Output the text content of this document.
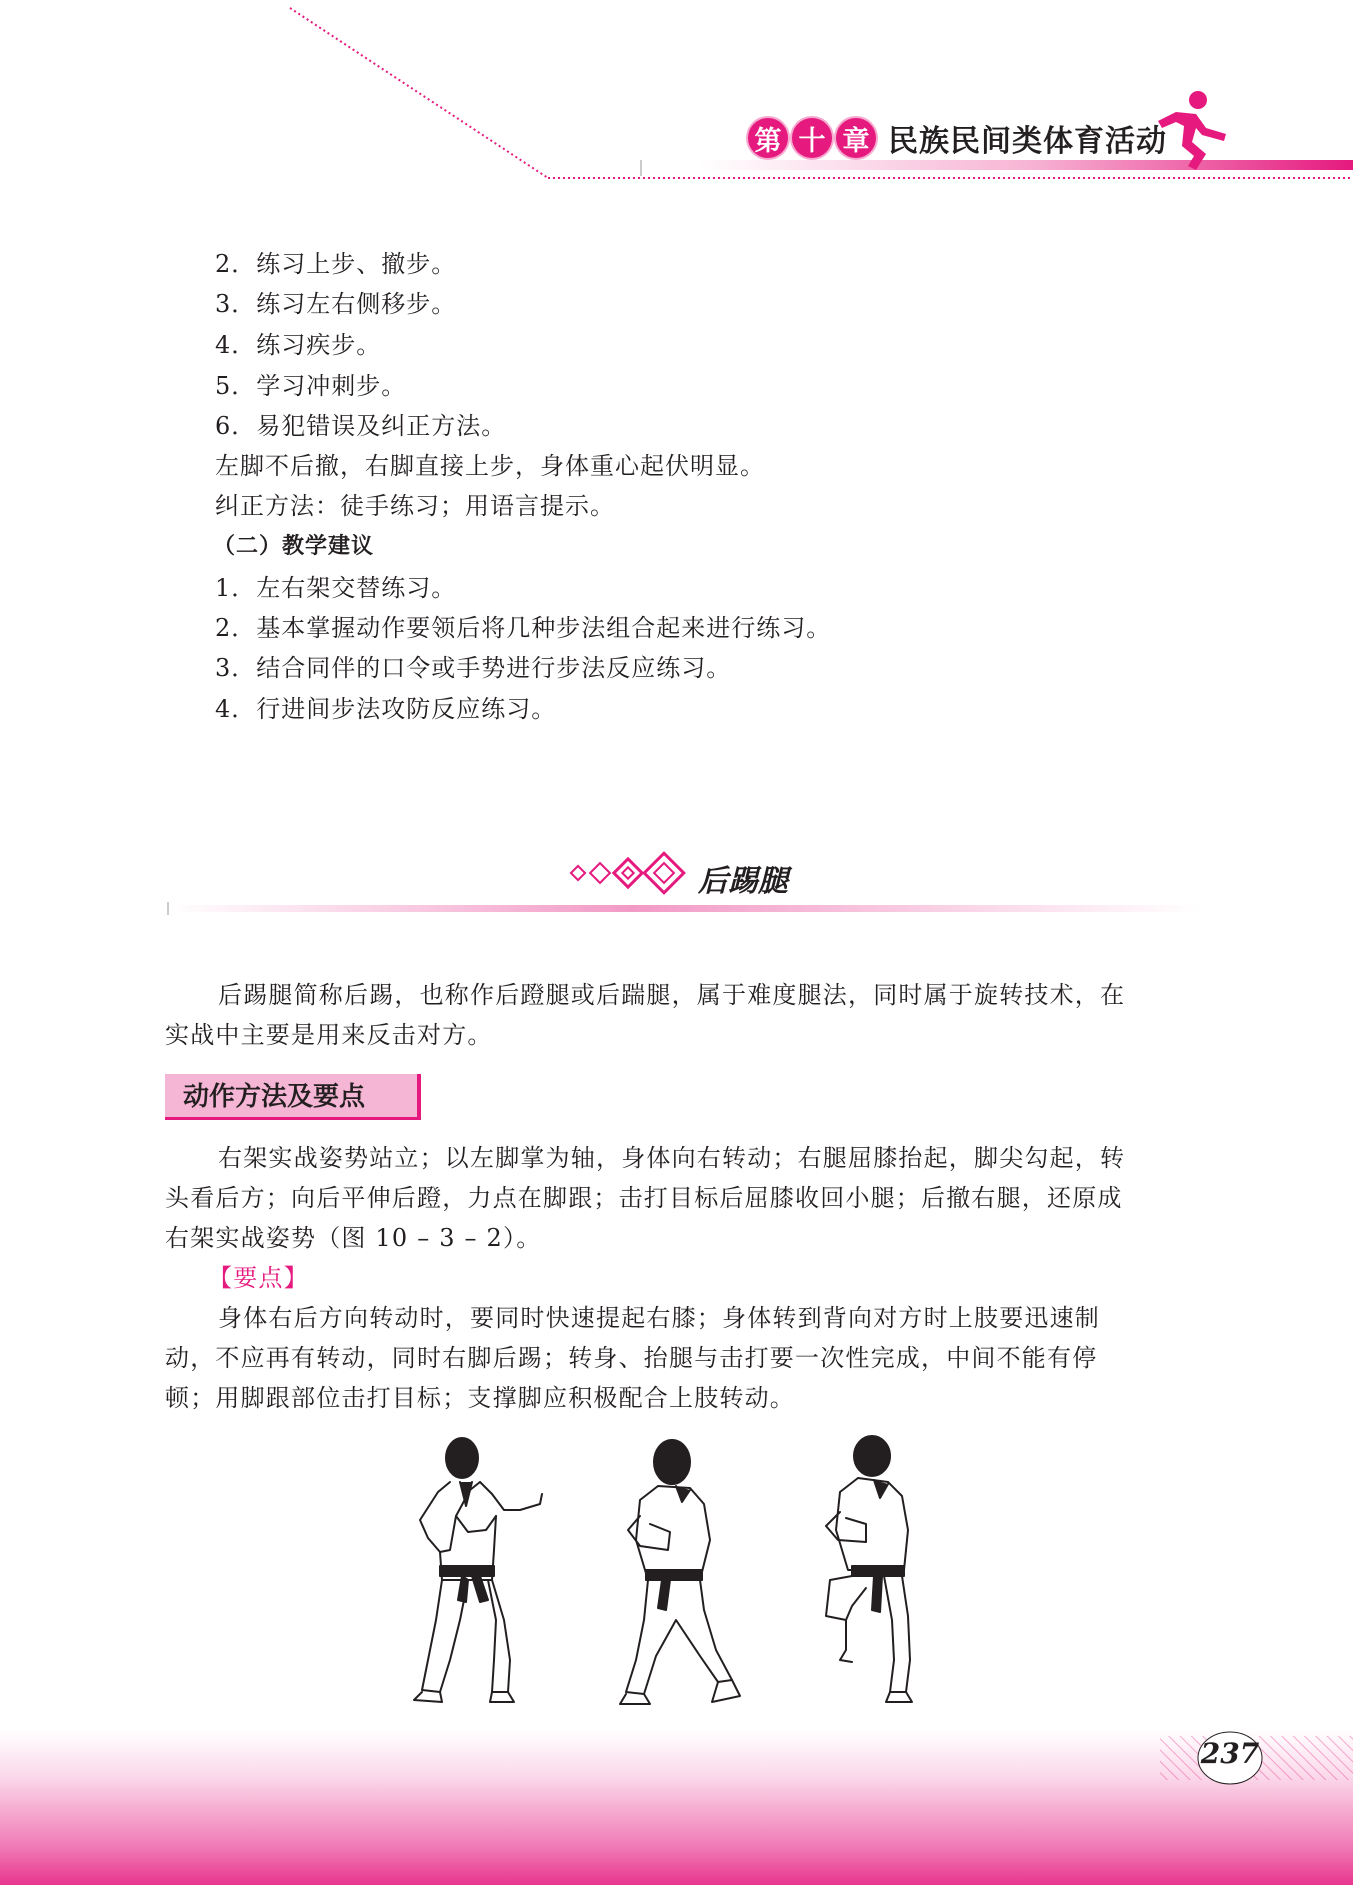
第 十 章 民族民间类体育活动
2．练习上步、撤步。
3．练习左右侧移步。
4．练习疾步。
5．学习冲刺步。
6．易犯错误及纠正方法。
左脚不后撤，右脚直接上步，身体重心起伏明显。
纠正方法：徒手练习；用语言提示。
（二）教学建议
1．左右架交替练习。
2．基本掌握动作要领后将几种步法组合起来进行练习。
3．结合同伴的口令或手势进行步法反应练习。
4．行进间步法攻防反应练习。
后踢腿
后踢腿简称后踢，也称作后蹬腿或后踹腿，属于难度腿法，同时属于旋转技术，在
实战中主要是用来反击对方。
动作方法及要点
右架实战姿势站立；以左脚掌为轴，身体向右转动；右腿屈膝抬起，脚尖勾起，转
头看后方；向后平伸后蹬，力点在脚跟；击打目标后屈膝收回小腿；后撤右腿，还原成
右架实战姿势（图 10 – 3 – 2）。
【要点】
身体右后方向转动时，要同时快速提起右膝；身体转到背向对方时上肢要迅速制
动，不应再有转动，同时右脚后踢；转身、抬腿与击打要一次性完成，中间不能有停
顿；用脚跟部位击打目标；支撑脚应积极配合上肢转动。
237
